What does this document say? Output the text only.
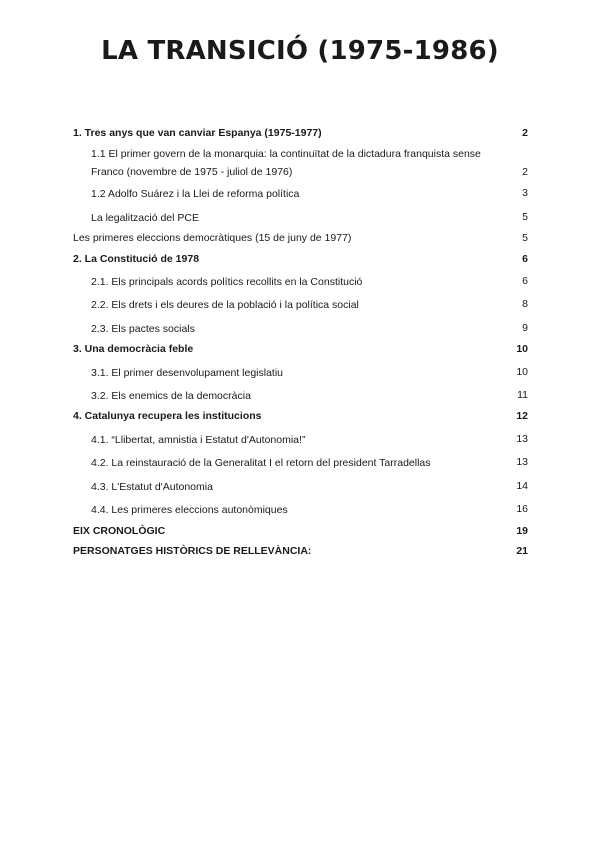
LA TRANSICIÓ (1975-1986)
1. Tres anys que van canviar Espanya (1975-1977)	2
1.1 El primer govern de la monarquia: la continuïtat de la dictadura franquista sense Franco (novembre de 1975 - juliol de 1976)	2
1.2 Adolfo Suárez i la Llei de reforma política	3
La legalització del PCE	5
Les primeres eleccions democràtiques (15 de juny de 1977)	5
2. La Constitució de 1978	6
2.1. Els principals acords polítics recollits en la Constitució	6
2.2. Els drets i els deures de la població i la política social	8
2.3. Els pactes socials	9
3. Una democràcia feble	10
3.1. El primer desenvolupament legislatiu	10
3.2. Els enemics de la democràcia	11
4. Catalunya recupera les institucions	12
4.1. “Llibertat, amnistia i Estatut d'Autonomia!”	13
4.2. La reinstauració de la Generalitat I el retorn del president Tarradellas	13
4.3. L'Estatut d'Autonomia	14
4.4. Les primeres eleccions autonòmiques	16
EIX CRONOLÒGIC	19
PERSONATGES HISTÒRICS DE RELLEVÀNCIA:	21
